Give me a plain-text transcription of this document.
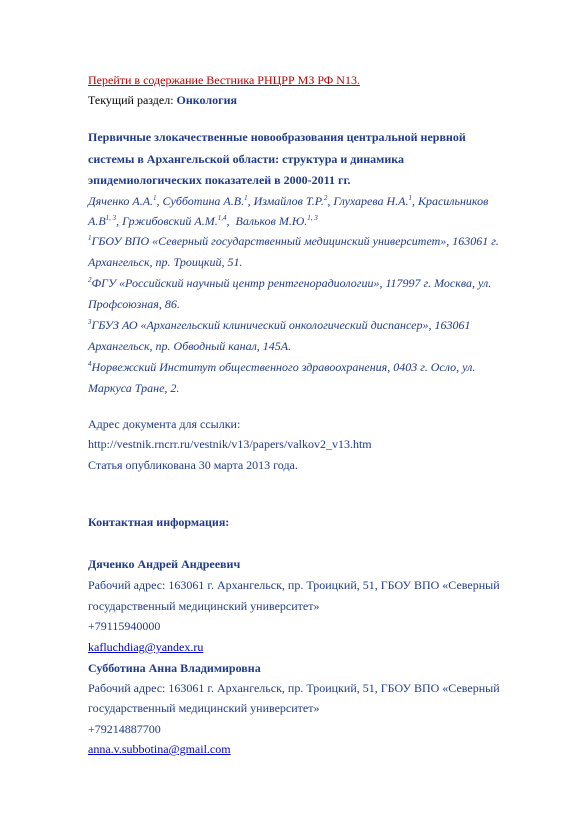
Перейти в содержание Вестника РНЦРР МЗ РФ N13.
Текущий раздел: Онкология
Первичные злокачественные новообразования центральной нервной
системы в Архангельской области: структура и динамика
эпидемиологических показателей в 2000-2011 гг.
Дяченко А.А.$^1$, Субботина А.В.$^1$, Измайлов Т.Р.$^2$, Глухарева Н.А.$^1$, Красильников
$А.В^{1, 3}$, Гржибовский А.М.$^{1,4}$,  Вальков М.Ю.$^{1, 3}$
$^1$ГБОУ ВПО «Северный государственный медицинский университет», 163061 г.
Архангельск, пр. Троицкий, 51.
$^2$ФГУ «Российский научный центр рентгенорадиологии», 117997 г. Москва, ул.
Профсоюзная, 86.
$^3$ГБУЗ АО «Архангельский клинический онкологический диспансер», 163061
Архангельск, пр. Обводный канал, 145А.
$^4$Норвежский Институт общественного здравоохранения, 0403 г. Осло, ул.
Маркуса Тране, 2.
Адрес документа для ссылки:
http://vestnik.rncrr.ru/vestnik/v13/papers/valkov2_v13.htm
Статья опубликована 30 марта 2013 года.
Контактная информация:
Дяченко Андрей Андреевич
Рабочий адрес: 163061 г. Архангельск, пр. Троицкий, 51, ГБОУ ВПО «Северный
государственный медицинский университет»
+79115940000
kafluchdiag@yandex.ru
Субботина Анна Владимировна
Рабочий адрес: 163061 г. Архангельск, пр. Троицкий, 51, ГБОУ ВПО «Северный
государственный медицинский университет»
+79214887700
anna.v.subbotina@gmail.com
